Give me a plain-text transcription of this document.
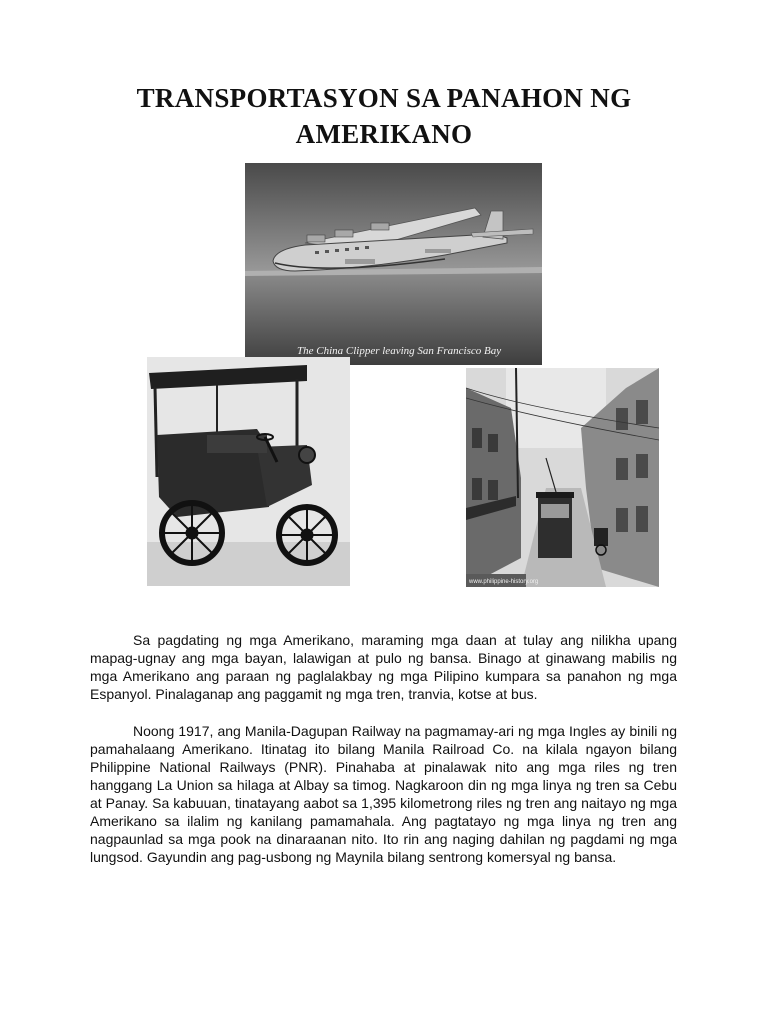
TRANSPORTASYON SA PANAHON NG
AMERIKANO
The China Clipper leaving San Francisco Bay
www.philippine-history.org

Sa pagdating ng mga Amerikano, maraming mga daan at tulay ang nilikha upang mapag-ugnay ang mga bayan, lalawigan at pulo ng bansa. Binago at ginawang mabilis ng mga Amerikano ang paraan ng paglalakbay ng mga Pilipino kumpara sa panahon ng mga Espanyol. Pinalaganap ang paggamit ng mga tren, tranvia, kotse at bus.

Noong 1917, ang Manila-Dagupan Railway na pagmamay-ari ng mga Ingles ay binili ng pamahalaang Amerikano. Itinatag ito bilang Manila Railroad Co. na kilala ngayon bilang Philippine National Railways (PNR). Pinahaba at pinalawak nito ang mga riles ng tren hanggang La Union sa hilaga at Albay sa timog. Nagkaroon din ng mga linya ng tren sa Cebu at Panay. Sa kabuuan, tinatayang aabot sa 1,395 kilometrong riles ng tren ang naitayo ng mga Amerikano sa ilalim ng kanilang pamamahala. Ang pagtatayo ng mga linya ng tren ang nagpaunlad sa mga pook na dinaraanan nito. Ito rin ang naging dahilan ng pagdami ng mga lungsod. Gayundin ang pag-usbong ng Maynila bilang sentrong komersyal ng bansa.
